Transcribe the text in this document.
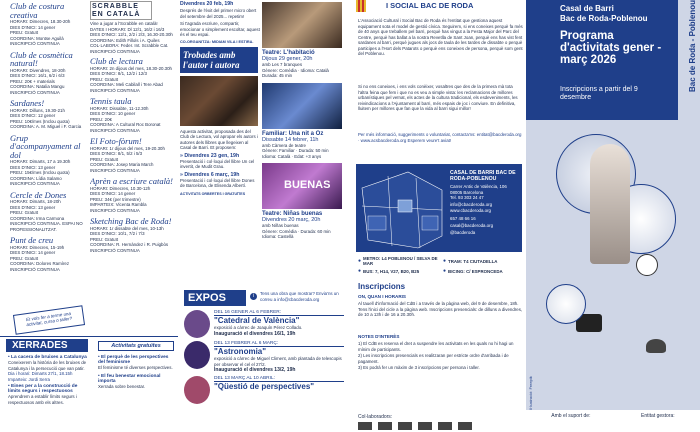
Club de costura creativa
HORARI: Dimecres, 18.30-20h
DIES D'INICI: 14 gener
PREU: Gratuït
COORDINA: Montse Aguilà
INSCRIPCIÓ CONTINUA
Club de cosmètica natural!
HORARI: Divendres, 18-20h
DIES D'INICI: 16/1, 6/2 i 6/3
PREU: 20€ + materials
COORDINA: Natalia Mangu
INSCRIPCIÓ CONTINUA
Sardanes!
HORARI: Dilluns, 19.30-21h
DIES D'INICI: 12 gener
PREU: 10€/mes (Inclou quota)
COORDINA: A. M. Miguel i F. Garcia
Grup d'acompanyament al dol
HORARI: Dimarts, 17 a 19.30h
DIES D'INICI: 13 gener
PREU: 15€/mes (Inclou quota)
COORDINA: Lídia Salamo
INSCRIPCIÓ CONTINUA
Cercle de Dones
HORARI: Dimarts, 18-20h
DIES D'INICI: 13 gener
PREU: Gratuït
COORDINA: Irma Carmona
INSCRIPCIÓ CONTINUA. ESPAI NO PROFESSIONALITZAT.
Punt de creu
HORARI: Dimecres, 15-19h
DIES D'INICI: 14 gener
PREU: Gratuït
COORDINA: Dolores Ramírez
INSCRIPCIÓ CONTINUA
Et vols fer a terme una activitat, cursa o taller?
SCRABBLE EN CATALÀ
Vine a jugar a l'Scrabble en català!
DATES I HORARI: Dl 12/1, 16/2 i 16/3
DIES D'INICI: 12/1, 2/2 i 2/3, 16.30-20.30h
COORDINA: Edith Fillols i A. Quiles
COL·LABORA: Feder. Int. Scrabble Cat.
INSCRIPCIÓ CONTINUA
Club de lectura
HORARI: 2n dijous del mes, 18.30-20.30h
DIES D'INICI: 8/1, 12/2 i 12/3
PREU: Gratuït
COORDINA: Meli Cabilall i Tere Abad
INSCRIPCIÓ CONTINUA
Tennis taula
HORARI: Dissabte, 11-12.30h
DIES D'INICI: 10 gener
PREU: 20€
COORDINA: A Cultural Roc Boronat
INSCRIPCIÓ CONTINUA
El Foto-fòrum!
HORARI: 1r dijous del mes, 19-20.30h
DIES D'INICI: 8/1, 5/2 i 5/3
PREU: Gratuït
COORDINA: Josep Maria March
INSCRIPCIÓ CONTINUA
Aprèn a escriure català!
HORARI: Dimecres, 10.30-12h
DIES D'INICI: 14 gener
PREU: 34€ (per trimestre)
IMPARTEIX: Vicenta Rambla
INSCRIPCIÓ CONTINUA
Sketching Bac de Roda!
HORARI: 1r dissabte del mes, 10-13h
DIES D'INICI: 10/1, 7/2 i 7/3
PREU: Gratuït
COORDINA: R. Hernàndez i R. Puigbòs
INSCRIPCIÓ CONTINUA
XERRADES	Activitats gratuïtes
• La cacera de bruixes a Catalunya
Coneixerem la història de les bruixes de Catalunya i la persecució que van patir.
Dia i horari: Dimarts 27/1, 18.15h
Imparteix: Jordi Serra
• Eines per a la construcció de límits segurs i respectuosos
Aprendrem a establir límits segurs i respectuosos amb els altres.
• El perquè de les perspectives del feminisme
El feminisme té diverses perspectives.
• El feu benestar emocional importa
Xerrada sobre benestar.
Divendres 20 feb, 19h
Després de l'èxit del primer micro obert del setembre del 2025... repetim!
Si t'agrada escriure, compartir, emocionar o simplement escoltar, aquest és el teu espai.
CO-ORGANITZA: MIDIAM VILA I ESTIRA.
Trobades amb l'autor i autora
Aquesta activitat, proposada des del Club de Lectura, vol apropar els autors i autores dels llibres que llegeixen al Casal de Barri. Et proposem:
» Divendres 23 gen, 19h
Presentació i col·loqui del llibre Un cel invertit, de Mudit Grau.
» Divendres 6 març, 19h
Presentació i col·loqui del llibre Dones de Barcelona, de Elisenda Albertí.
ACTIVITATS ORBERTES I GRATUÏTES
Teatre: L'habitació
Dijous 29 gener, 20h
amb Les 7 branques
Gènere: Comèdia · Idioma: Català
Durada: 45 min
Familiar: Una nit a Oz
Dissabte 14 febrer, 11h
amb Càmera de teatre
Gènere: Familiar · Durada: 50 min
Idioma: Català · Edat: +3 anys
BUENAS
Teatre: Niñas buenas
Divendres 20 març, 20h
amb Niñas buenas
Gènere: Comèdia · Durada: 60 min
Idioma: Castellà
EXPOS	i	Tens una obra que mostrar? Envia'ns un correu a info@cbacderoda.org
DEL 16 GENER AL 6 FEBRER:
"Catedral de València"
exposició a càrrec de Joaquín Pérez Collado.
Inauguració el divendres 16/1, 19h
DEL 13 FEBRER AL 6 MARÇ:
"Astronomia"
exposició a càrrec de Miguel Climent, amb plantada de telescopis per observar el cel el 27/2.
Inauguració el divendres 13/2, 19h
DEL 13 MARÇ AL 10 ABRIL:
"Qüestió de perspectives"
I SOCIAL BAC DE RODA
L'Associació Cultural i Social Bac de Roda és l'entitat que gestiona aquest equipament sota el model de gestió cívica. Seguirem, si ens coneixes perquè fa més de 40 anys que treballem pel barri, perquè has vingut a la Festa Major del Parc del Centre, perquè has ballat a la nostra Revetlla de Sant Joan, perquè ens has vist fent sardanes al barri, perquè jugues als jocs de taula de les tardes de dissabte o perquè participes a l'Hort dels Patarots o perquè ens coneixes de persona, perquè som gent del Poblenou.
Si no ens coneixes, i ens vols conèixer, vosaltres que des de la primera mà tota l'altra feina que fem i que no es veu a simple vista: les reclamacions de millores urbanístiques pel veïnat, els actes de la cultura tradicional, els esdeveniments, les reivindicacions a l'Ajuntament al barri, més espais de joc i conviure. En definitiva, lluitem per millores que fan que la vida al barri sigui millor!
Per més informació, suggeriments o voluntariat, contacta'ns: entitat@bacderoda.org · www.acsbacderoda.org Esperem veure't aviat!
CASAL DE BARRI BAC DE RODA-POBLENOU
Carrer Antic de València, 106 08005 Barcelona
Tel. 93 303 24 47
info@cbacderoda.org
www.cbacderoda.org
657 48 66 16
casal@bacderoda.org
@bacderoda
● METRO: L4 POBLENOU / SELVA DE MAR	● TRAM: T4 CIUTADELLA
● BUS: 7, H14, V27, B20, B25	● BICING: C/ ESPRONCEDA
Inscripcions
ON, QUAN I HORARIS
Al tauell d'informació del CdB i a través de la pàgina web, del 9 de desembre, 18h. Tens l'inici del cicle a la pàgina web. Inscripcions presencials: de dilluns a divendres, de 10 a 13h i de 16 a 20.30h.
NOTES D'INTERÈS
1) El CdB es reserva el dret a suspendre les activitats en les quals no hi hagi un mínim de participants.
2) Les inscripcions presencials es realitzaran per estricte ordre d'arribada i de pagament.
3) Es podrà fer un màxim de 3 inscripcions per persona i taller.
Col·laboradors:
Casal de Barri
Bac de Roda-Poblenou
Programa d'activitats gener - març 2026
Inscripcions a partir del 9 desembre
Bac de Roda - Poblenou
Il·lustració: Freepik
Amb el suport de:	Entitat gestora:
